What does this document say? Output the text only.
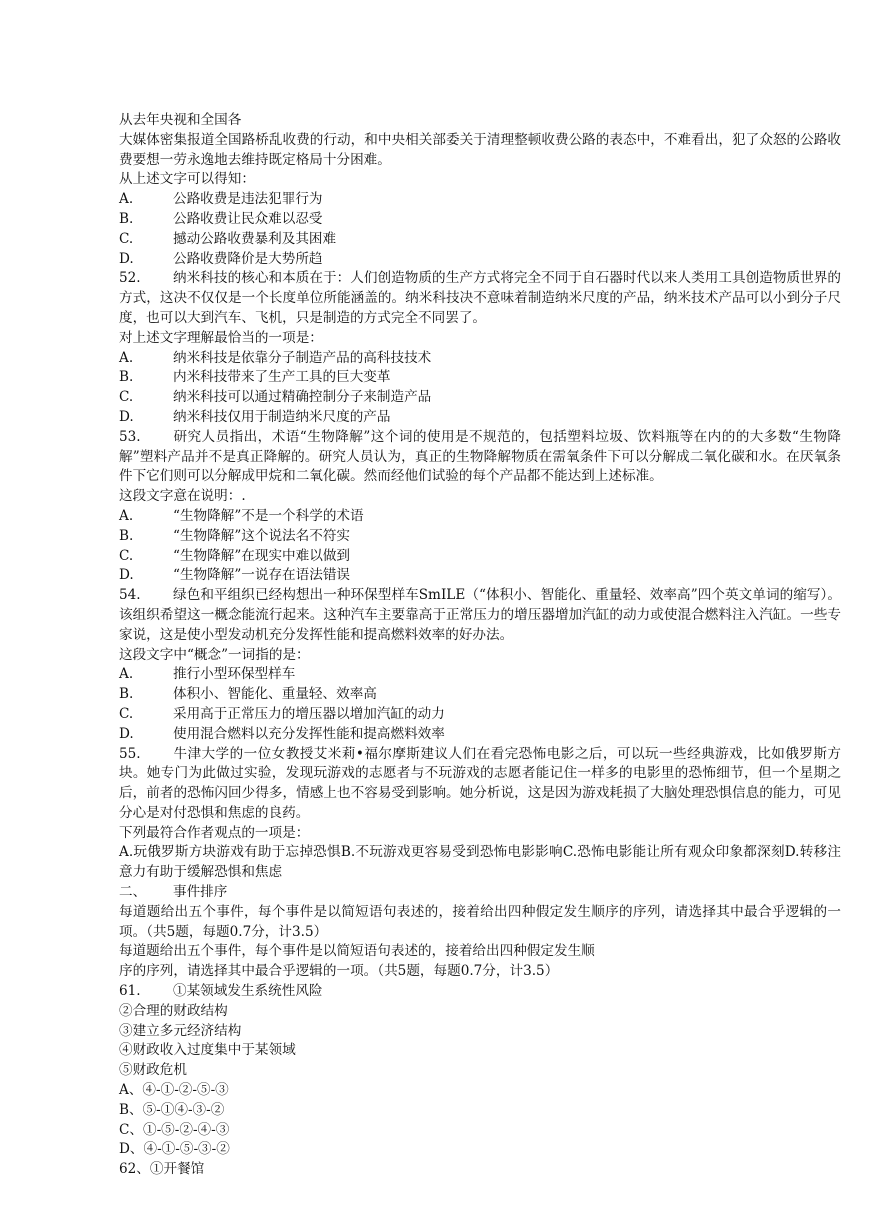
从去年央视和全国各
大媒体密集报道全国路桥乱收费的行动，和中央相关部委关于清理整顿收费公路的表态中，不难看出，犯了众怒的公路收费要想一劳永逸地去维持既定格局十分困难。
从上述文字可以得知：
A.	公路收费是违法犯罪行为
B.	公路收费让民众难以忍受
C.	撼动公路收费暴利及其困难
D.	公路收费降价是大势所趋
52. 纳米科技的核心和本质在于：人们创造物质的生产方式将完全不同于自石器时代以来人类用工具创造物质世界的方式，这决不仅仅是一个长度单位所能涵盖的。纳米科技决不意味着制造纳米尺度的产品，纳米技术产品可以小到分子尺度，也可以大到汽车、飞机，只是制造的方式完全不同罢了。
对上述文字理解最恰当的一项是：
A.	纳米科技是依靠分子制造产品的高科技技术
B.	内米科技带来了生产工具的巨大变革
C.	纳米科技可以通过精确控制分子来制造产品
D.	纳米科技仅用于制造纳米尺度的产品
53. 研究人员指出，术语“生物降解”这个词的使用是不规范的，包括塑料垃圾、饮料瓶等在内的的大多数“生物降解”塑料产品并不是真正降解的。研究人员认为，真正的生物降解物质在需氧条件下可以分解成二氧化碳和水。在厌氧条件下它们则可以分解成甲烷和二氧化碳。然而经他们试验的每个产品都不能达到上述标准。
这段文字意在说明：.
A.	“生物降解”不是一个科学的术语
B.	“生物降解”这个说法名不符实
C.	“生物降解”在现实中难以做到
D.	“生物降解”一说存在语法错误
54. 绿色和平组织已经构想出一种环保型样车SmILE（“体积小、智能化、重量轻、效率高”四个英文单词的缩写）。该组织希望这一概念能流行起来。这种汽车主要靠高于正常压力的增压器增加汽缸的动力或使混合燃料注入汽缸。一些专家说，这是使小型发动机充分发挥性能和提高燃料效率的好办法。
这段文字中“概念”一词指的是：
A.	推行小型环保型样车
B.	体积小、智能化、重量轻、效率高
C.	采用高于正常压力的增压器以增加汽缸的动力
D.	使用混合燃料以充分发挥性能和提高燃料效率
55. 牛津大学的一位女教授艾米莉•福尔摩斯建议人们在看完恐怖电影之后，可以玩一些经典游戏，比如俄罗斯方块。她专门为此做过实验，发现玩游戏的志愿者与不玩游戏的志愿者能记住一样多的电影里的恐怖细节，但一个星期之后，前者的恐怖闪回少得多，情感上也不容易受到影响。她分析说，这是因为游戏耗损了大脑处理恐惧信息的能力，可见分心是对付恐惧和焦虑的良药。
下列最符合作者观点的一项是：
A.玩俄罗斯方块游戏有助于忘掉恐惧B.不玩游戏更容易受到恐怖电影影响C.恐怖电影能让所有观众印象都深刻D.转移注意力有助于缓解恐惧和焦虑
二、 事件排序
每道题给出五个事件，每个事件是以简短语句表述的，接着给出四种假定发生顺序的序列，请选择其中最合乎逻辑的一项。（共5题，每题0.7分，计3.5）
每道题给出五个事件，每个事件是以简短语句表述的，接着给出四种假定发生顺
序的序列，请选择其中最合乎逻辑的一项。（共5题，每题0.7分，计3.5）
61. ①某领域发生系统性风险
②合理的财政结构
③建立多元经济结构
④财政收入过度集中于某领域
⑤财政危机
A、④-①-②-⑤-③
B、⑤-①④-③-②
C、①-⑤-②-④-③
D、④-①-⑤-③-②
62、①开餐馆
